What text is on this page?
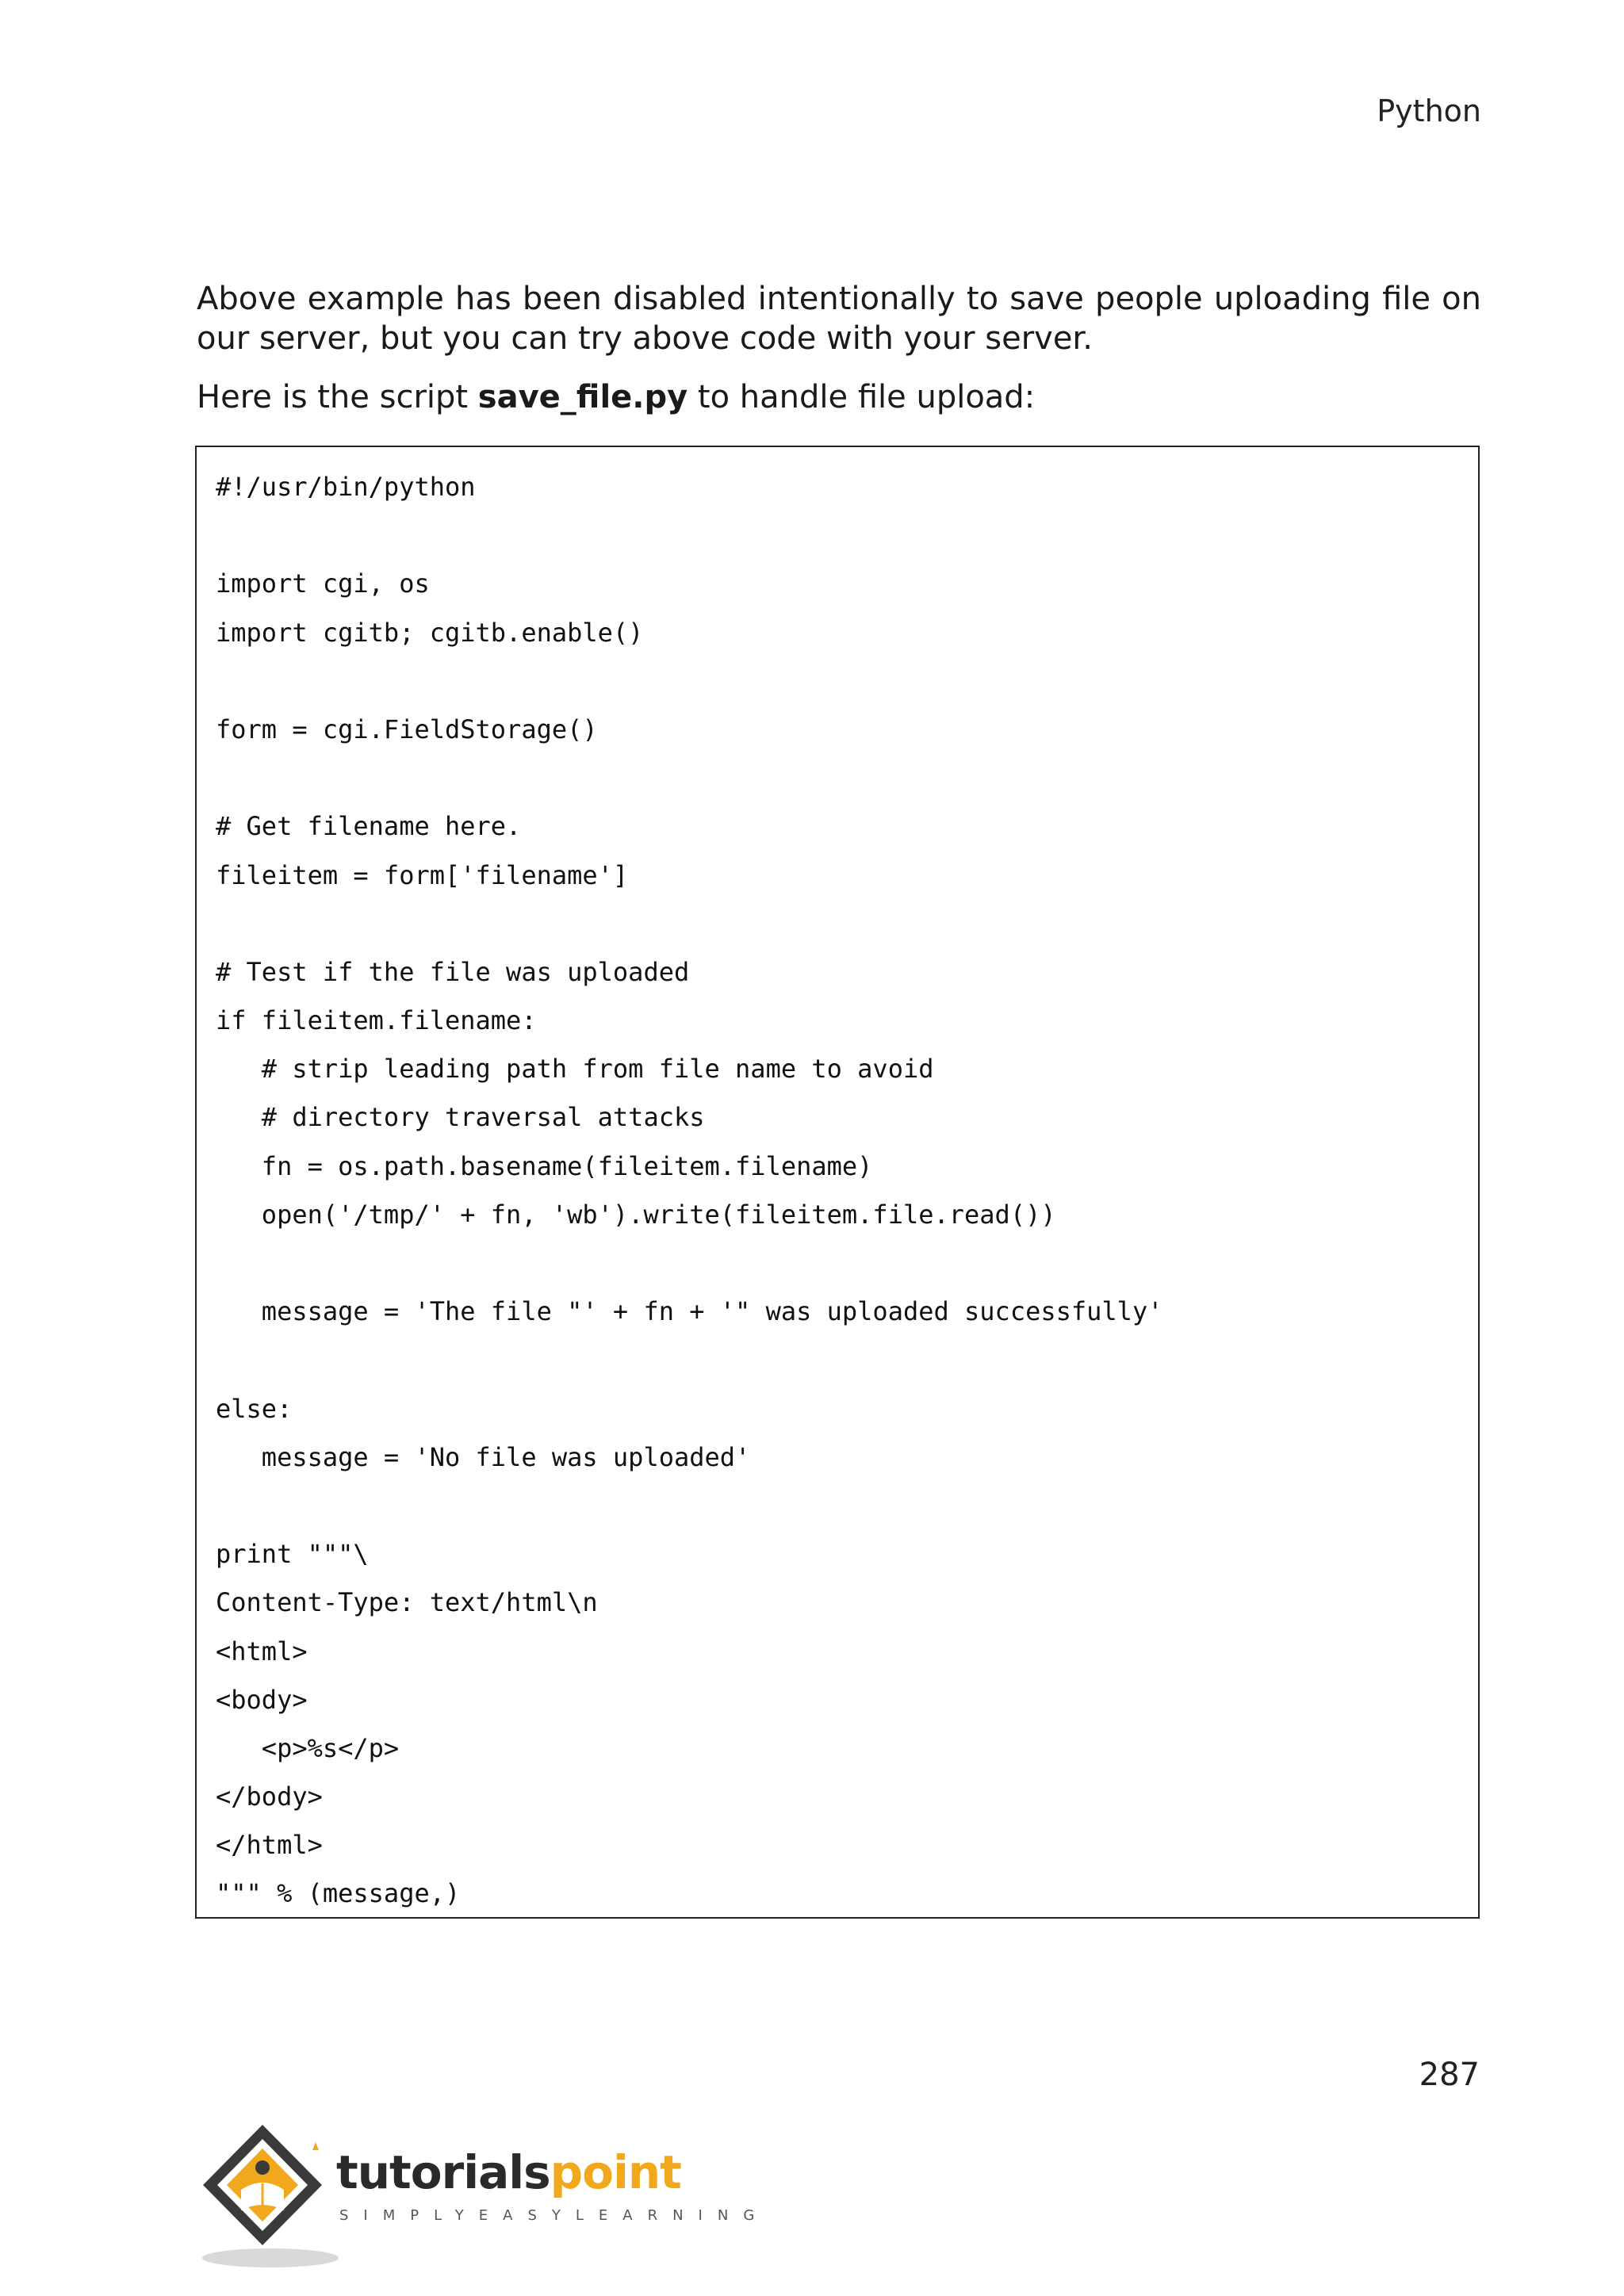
Python

Above example has been disabled intentionally to save people uploading file on our server, but you can try above code with your server.

Here is the script save_file.py to handle file upload:

#!/usr/bin/python
import cgi, os
import cgitb; cgitb.enable()
form = cgi.FieldStorage()
# Get filename here.
fileitem = form['filename']
# Test if the file was uploaded
if fileitem.filename:
# strip leading path from file name to avoid
# directory traversal attacks
fn = os.path.basename(fileitem.filename)
open('/tmp/' + fn, 'wb').write(fileitem.file.read())
message = 'The file "' + fn + '" was uploaded successfully'
else:
message = 'No file was uploaded'
print """\
Content-Type: text/html\n
<html>
<body>
<p>%s</p>
</body>
</html>
""" % (message,)
287
tutorialspoint
SIMPLYEASYLEARNING
